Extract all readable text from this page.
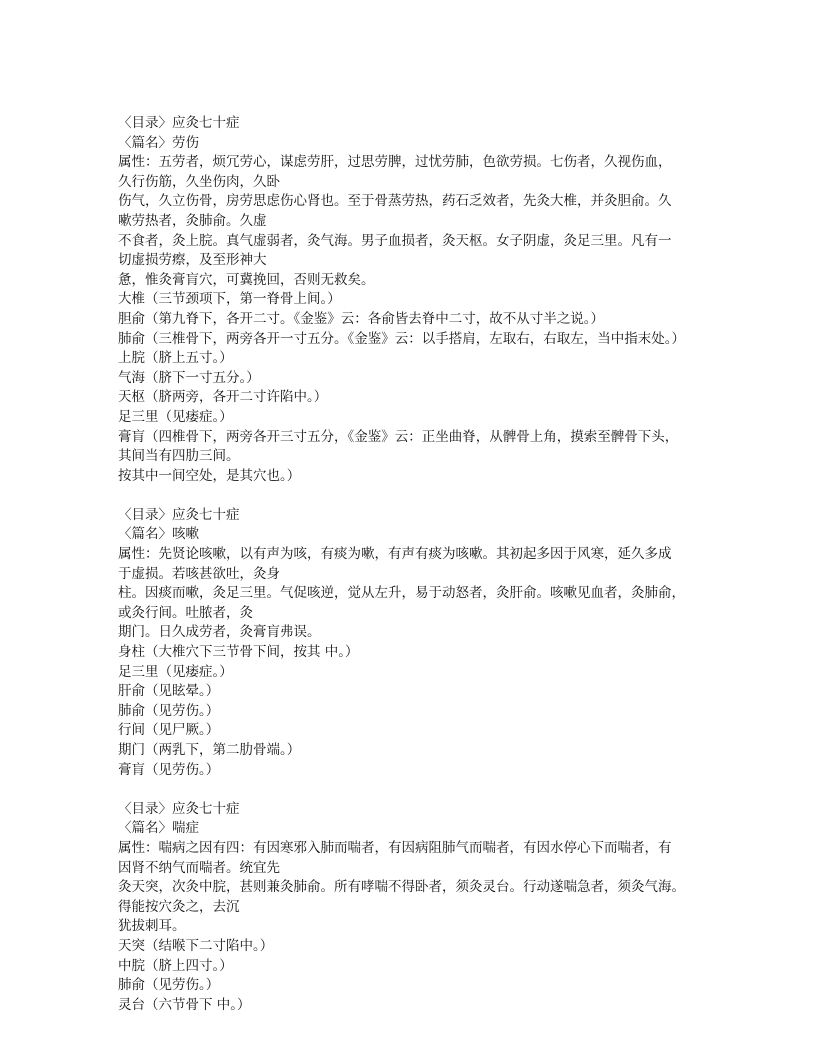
〈目录〉应灸七十症
〈篇名〉劳伤
属性：五劳者，烦冗劳心，谋虑劳肝，过思劳脾，过忧劳肺，色欲劳损。七伤者，久视伤血，
久行伤筋，久坐伤肉，久卧
伤气，久立伤骨，房劳思虑伤心肾也。至于骨蒸劳热，药石乏效者，先灸大椎，并灸胆俞。久
嗽劳热者，灸肺俞。久虚
不食者，灸上脘。真气虚弱者，灸气海。男子血损者，灸天枢。女子阴虚，灸足三里。凡有一
切虚损劳瘵，及至形神大
惫，惟灸膏肓穴，可冀挽回，否则无救矣。
大椎（三节颈项下，第一脊骨上间。）
胆俞（第九脊下，各开二寸。《金鉴》云：各俞皆去脊中二寸，故不从寸半之说。）
肺俞（三椎骨下，两旁各开一寸五分。《金鉴》云：以手搭肩，左取右，右取左，当中指末处。）
上脘（脐上五寸。）
气海（脐下一寸五分。）
天枢（脐两旁，各开二寸许陷中。）
足三里（见痿症。）
膏肓（四椎骨下，两旁各开三寸五分，《金鉴》云：正坐曲脊，从髀骨上角，摸索至髀骨下头，
其间当有四肋三间。
按其中一间空处，是其穴也。）
〈目录〉应灸七十症
〈篇名〉咳嗽
属性：先贤论咳嗽，以有声为咳，有痰为嗽，有声有痰为咳嗽。其初起多因于风寒，延久多成
于虚损。若咳甚欲吐，灸身
柱。因痰而嗽，灸足三里。气促咳逆，觉从左升，易于动怒者，灸肝俞。咳嗽见血者，灸肺俞，
或灸行间。吐脓者，灸
期门。日久成劳者，灸膏肓弗误。
身柱（大椎穴下三节骨下间，按其 中。）
足三里（见痿症。）
肝俞（见眩晕。）
肺俞（见劳伤。）
行间（见尸厥。）
期门（两乳下，第二肋骨端。）
膏肓（见劳伤。）
〈目录〉应灸七十症
〈篇名〉喘症
属性：喘病之因有四：有因寒邪入肺而喘者，有因病阻肺气而喘者，有因水停心下而喘者，有
因肾不纳气而喘者。统宜先
灸天突，次灸中脘，甚则兼灸肺俞。所有哮喘不得卧者，须灸灵台。行动遂喘急者，须灸气海。
得能按穴灸之，去沉
犹拔刺耳。
天突（结喉下二寸陷中。）
中脘（脐上四寸。）
肺俞（见劳伤。）
灵台（六节骨下 中。）
